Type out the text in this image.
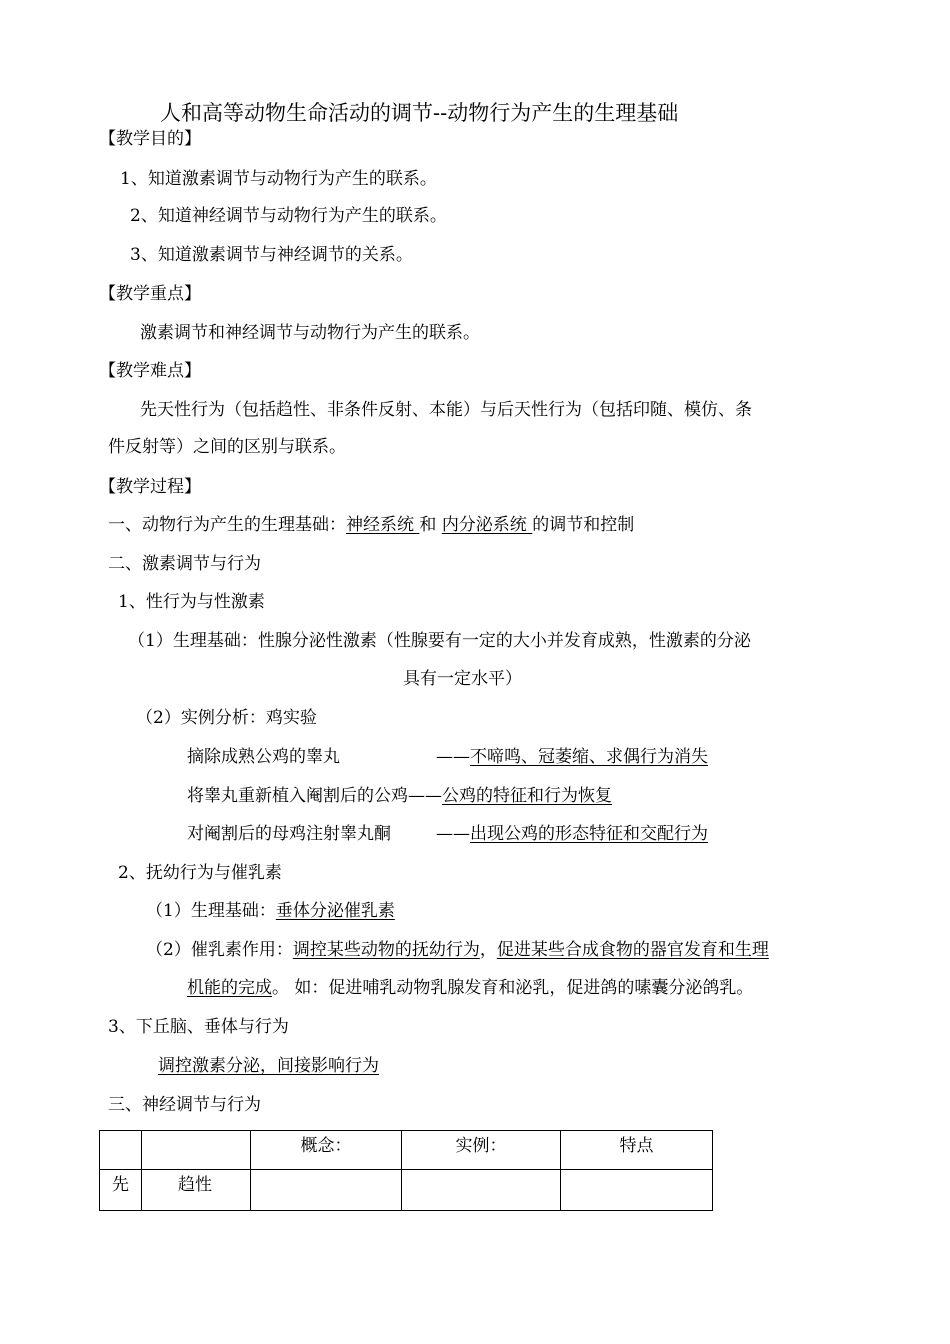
人和高等动物生命活动的调节--动物行为产生的生理基础
【教学目的】
1、知道激素调节与动物行为产生的联系。
2、知道神经调节与动物行为产生的联系。
3、知道激素调节与神经调节的关系。
【教学重点】
激素调节和神经调节与动物行为产生的联系。
【教学难点】
先天性行为（包括趋性、非条件反射、本能）与后天性行为（包括印随、模仿、条
件反射等）之间的区别与联系。
【教学过程】
一、动物行为产生的生理基础：神经系统 和 内分泌系统 的调节和控制
二、激素调节与行为
1、性行为与性激素
（1）生理基础：性腺分泌性激素（性腺要有一定的大小并发育成熟，性激素的分泌
具有一定水平）
（2）实例分析：鸡实验
摘除成熟公鸡的睾丸	——不啼鸣、冠萎缩、求偶行为消失
将睾丸重新植入阉割后的公鸡——公鸡的特征和行为恢复
对阉割后的母鸡注射睾丸酮	——出现公鸡的形态特征和交配行为
2、抚幼行为与催乳素
（1）生理基础：垂体分泌催乳素
（2）催乳素作用：调控某些动物的抚幼行为，促进某些合成食物的器官发育和生理
机能的完成。 如：促进哺乳动物乳腺发育和泌乳，促进鸽的嗉囊分泌鸽乳。
3、下丘脑、垂体与行为
调控激素分泌，间接影响行为
三、神经调节与行为
		概念：	实例：	特点
先	趋性			
